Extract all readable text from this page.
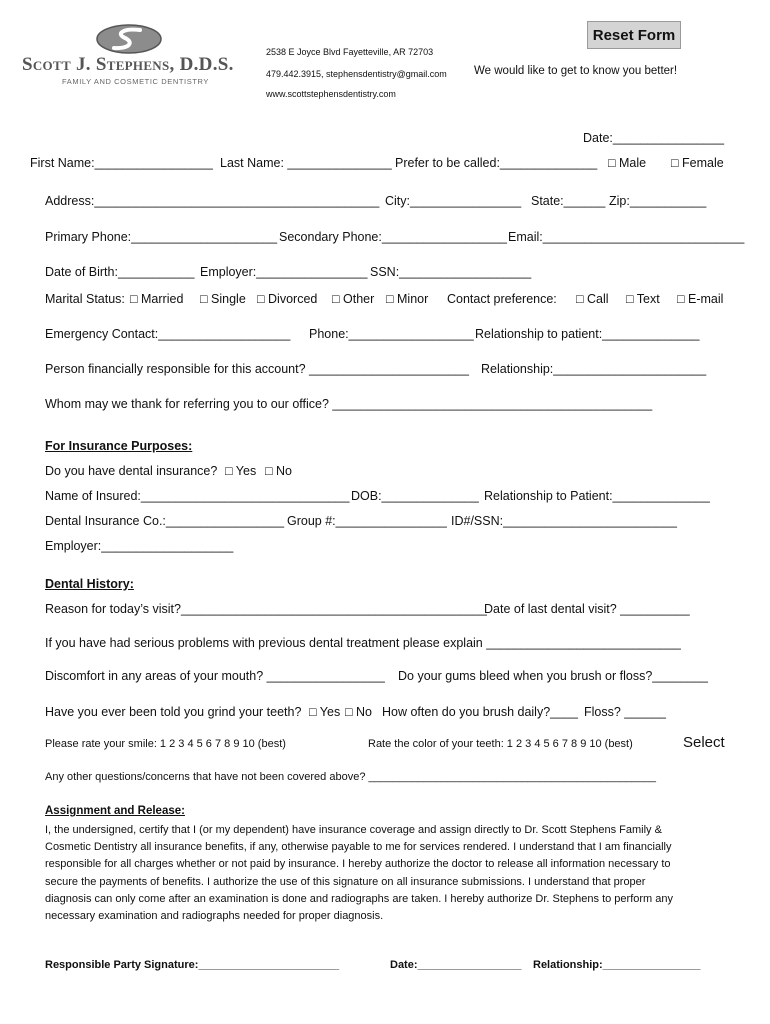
Scott J. Stephens, D.D.S.
FAMILY AND COSMETIC DENTISTRY
2538 E Joyce Blvd Fayetteville, AR 72703
479.442.3915, stephensdentistry@gmail.com
www.scottstephensdentistry.com
We would like to get to know you better!
Reset Form
Date:________________
First Name:_________________ Last Name: _______________ Prefer to be called:______________ □ Male □ Female
Address:_________________________________________ City:________________ State:______ Zip:___________
Primary Phone:_____________________ Secondary Phone:__________________ Email:_____________________________
Date of Birth:___________ Employer:________________ SSN:___________________
Marital Status: □ Married □ Single □ Divorced □ Other □ Minor Contact preference: □ Call □ Text □ E-mail
Emergency Contact:___________________ Phone:__________________ Relationship to patient:______________
Person financially responsible for this account? _______________________ Relationship:______________________
Whom may we thank for referring you to our office? ______________________________________________
For Insurance Purposes:
Do you have dental insurance? □ Yes □ No
Name of Insured:______________________________ DOB:______________ Relationship to Patient:______________
Dental Insurance Co.:_________________ Group #:________________ ID#/SSN:_________________________
Employer:___________________
Dental History:
Reason for today’s visit?____________________________________________
Date of last dental visit? __________
If you have had serious problems with previous dental treatment please explain ____________________________
Discomfort in any areas of your mouth? _________________ Do your gums bleed when you brush or floss?________
Have you ever been told you grind your teeth? □ Yes □ No How often do you brush daily?____ Floss? ______
Please rate your smile: 1 2 3 4 5 6 7 8 9 10 (best)	Rate the color of your teeth: 1 2 3 4 5 6 7 8 9 10 (best)	Select
Any other questions/concerns that have not been covered above? _______________________________________________
Assignment and Release:
I, the undersigned, certify that I (or my dependent) have insurance coverage and assign directly to Dr. Scott Stephens Family &
Cosmetic Dentistry all insurance benefits, if any, otherwise payable to me for services rendered. I understand that I am financially
responsible for all charges whether or not paid by insurance. I hereby authorize the doctor to release all information necessary to
secure the payments of benefits. I authorize the use of this signature on all insurance submissions. I understand that proper
diagnosis can only come after an examination is done and radiographs are taken. I hereby authorize Dr. Stephens to perform any
necessary examination and radiographs needed for proper diagnosis.
Responsible Party Signature:_______________________	Date:_________________ Relationship:________________
